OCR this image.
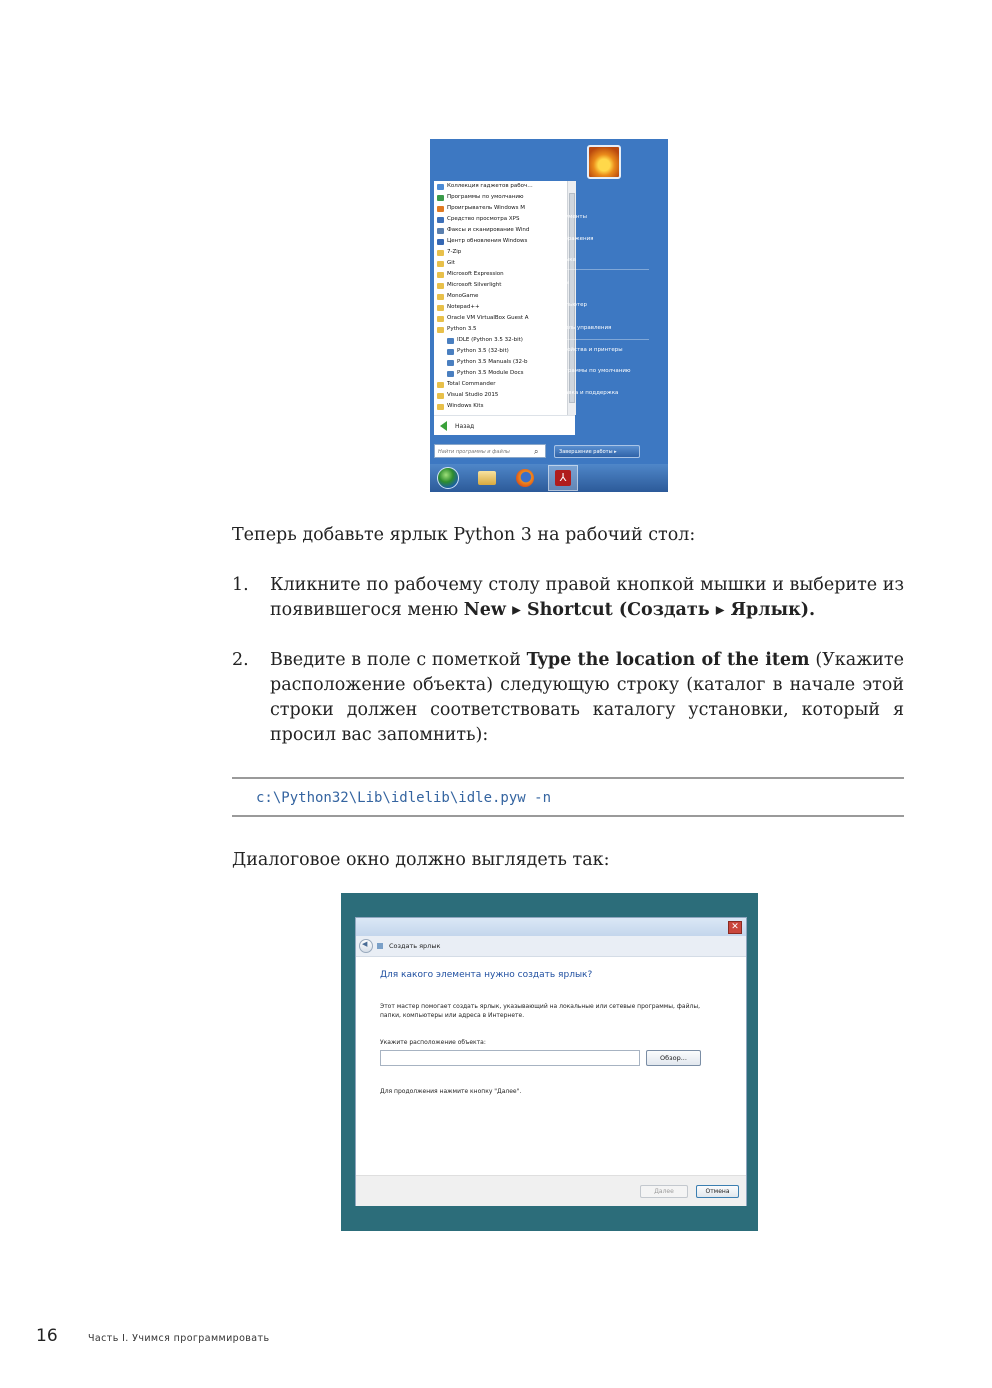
Коллекция гаджетов рабоч…
Программы по умолчанию
Проигрыватель Windows M
Средство просмотра XPS
Факсы и сканирование Wind
Центр обновления Windows
7-Zip
Git
Microsoft Expression
Microsoft Silverlight
MonoGame
Notepad++
Oracle VM VirtualBox Guest A
Python 3.5
IDLE (Python 3.5 32-bit)
Python 3.5 (32-bit)
Python 3.5 Manuals (32-b
Python 3.5 Module Docs
Total Commander
Visual Studio 2015
Windows Kits
Назад
Boo
Документы
Изображения
Музыка
Игры
Компьютер
Панель управления
Устройства и принтеры
Программы по умолчанию
Справка и поддержка
Найти программы и файлы	⌕	Завершение работы ▸
⅄
Теперь добавьте ярлык Python 3 на рабочий стол:
1.	Кликните по рабочему столу правой кнопкой мышки и выберите из появившегося меню New ▸ Shortcut (Создать ▸ Ярлык).
2.	Введите в поле с пометкой Type the location of the item (Укажите расположение объекта) следующую строку (каталог в начале этой строки должен соответствовать каталогу установки, который я просил вас запомнить):
c:\Python32\Lib\idlelib\idle.pyw -n
Диалоговое окно должно выглядеть так:
✕
◀	Создать ярлык
Для какого элемента нужно создать ярлык?
Этот мастер помогает создать ярлык, указывающий на локальные или сетевые программы, файлы, папки, компьютеры или адреса в Интернете.
Укажите расположение объекта:
Обзор...
Для продолжения нажмите кнопку "Далее".
Далее	Отмена
16	Часть I. Учимся программировать
